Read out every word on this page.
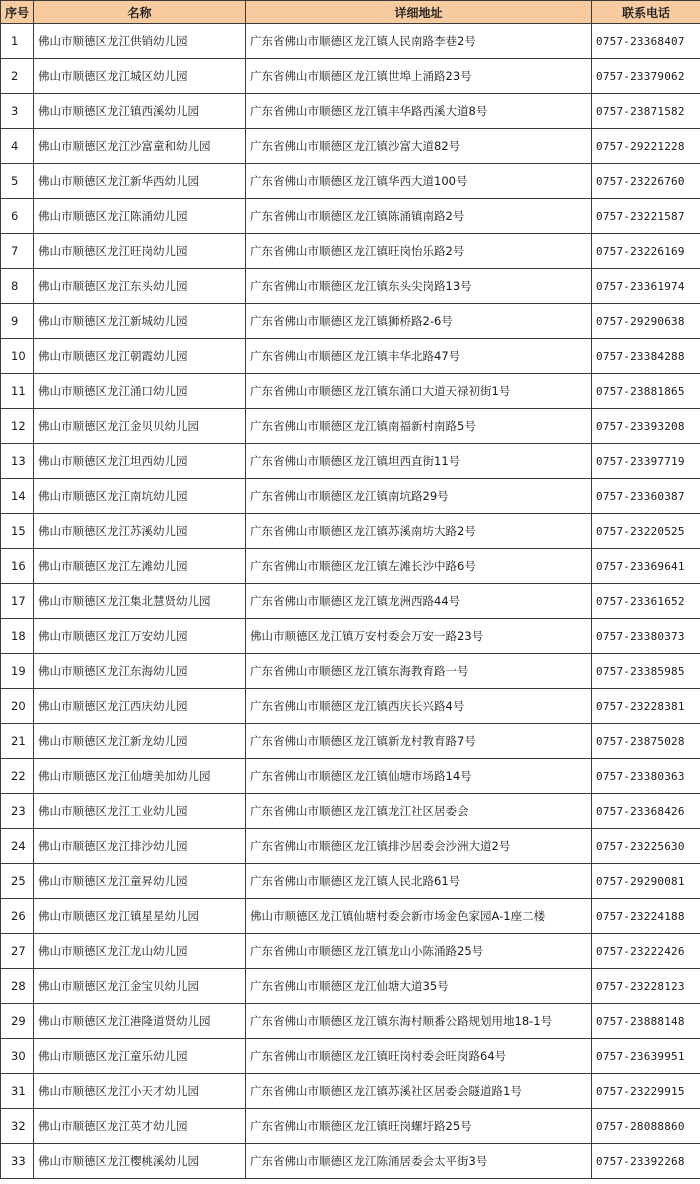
序号	名称	详细地址	联系电话
1	佛山市顺德区龙江供销幼儿园	广东省佛山市顺德区龙江镇人民南路李巷2号	0757-23368407
2	佛山市顺德区龙江城区幼儿园	广东省佛山市顺德区龙江镇世埠上涌路23号	0757-23379062
3	佛山市顺德区龙江镇西溪幼儿园	广东省佛山市顺德区龙江镇丰华路西溪大道8号	0757-23871582
4	佛山市顺德区龙江沙富童和幼儿园	广东省佛山市顺德区龙江镇沙富大道82号	0757-29221228
5	佛山市顺德区龙江新华西幼儿园	广东省佛山市顺德区龙江镇华西大道100号	0757-23226760
6	佛山市顺德区龙江陈涌幼儿园	广东省佛山市顺德区龙江镇陈涌镇南路2号	0757-23221587
7	佛山市顺德区龙江旺岗幼儿园	广东省佛山市顺德区龙江镇旺岗怡乐路2号	0757-23226169
8	佛山市顺德区龙江东头幼儿园	广东省佛山市顺德区龙江镇东头尖岗路13号	0757-23361974
9	佛山市顺德区龙江新城幼儿园	广东省佛山市顺德区龙江镇狮桥路2-6号	0757-29290638
10	佛山市顺德区龙江朝霞幼儿园	广东省佛山市顺德区龙江镇丰华北路47号	0757-23384288
11	佛山市顺德区龙江涌口幼儿园	广东省佛山市顺德区龙江镇东涌口大道天禄初街1号	0757-23881865
12	佛山市顺德区龙江金贝贝幼儿园	广东省佛山市顺德区龙江镇南福新村南路5号	0757-23393208
13	佛山市顺德区龙江坦西幼儿园	广东省佛山市顺德区龙江镇坦西直街11号	0757-23397719
14	佛山市顺德区龙江南坑幼儿园	广东省佛山市顺德区龙江镇南坑路29号	0757-23360387
15	佛山市顺德区龙江苏溪幼儿园	广东省佛山市顺德区龙江镇苏溪南坊大路2号	0757-23220525
16	佛山市顺德区龙江左滩幼儿园	广东省佛山市顺德区龙江镇左滩长沙中路6号	0757-23369641
17	佛山市顺德区龙江集北慧贤幼儿园	广东省佛山市顺德区龙江镇龙洲西路44号	0757-23361652
18	佛山市顺德区龙江万安幼儿园	佛山市顺德区龙江镇万安村委会万安一路23号	0757-23380373
19	佛山市顺德区龙江东海幼儿园	广东省佛山市顺德区龙江镇东海教育路一号	0757-23385985
20	佛山市顺德区龙江西庆幼儿园	广东省佛山市顺德区龙江镇西庆长兴路4号	0757-23228381
21	佛山市顺德区龙江新龙幼儿园	广东省佛山市顺德区龙江镇新龙村教育路7号	0757-23875028
22	佛山市顺德区龙江仙塘美加幼儿园	广东省佛山市顺德区龙江镇仙塘市场路14号	0757-23380363
23	佛山市顺德区龙江工业幼儿园	广东省佛山市顺德区龙江镇龙江社区居委会	0757-23368426
24	佛山市顺德区龙江排沙幼儿园	广东省佛山市顺德区龙江镇排沙居委会沙洲大道2号	0757-23225630
25	佛山市顺德区龙江童昇幼儿园	广东省佛山市顺德区龙江镇人民北路61号	0757-29290081
26	佛山市顺德区龙江镇星星幼儿园	佛山市顺德区龙江镇仙塘村委会新市场金色家园A-1座二楼	0757-23224188
27	佛山市顺德区龙江龙山幼儿园	广东省佛山市顺德区龙江镇龙山小陈涌路25号	0757-23222426
28	佛山市顺德区龙江金宝贝幼儿园	广东省佛山市顺德区龙江仙塘大道35号	0757-23228123
29	佛山市顺德区龙江港隆道贤幼儿园	广东省佛山市顺德区龙江镇东海村顺番公路规划用地18-1号	0757-23888148
30	佛山市顺德区龙江童乐幼儿园	广东省佛山市顺德区龙江镇旺岗村委会旺岗路64号	0757-23639951
31	佛山市顺德区龙江小天才幼儿园	广东省佛山市顺德区龙江镇苏溪社区居委会隧道路1号	0757-23229915
32	佛山市顺德区龙江英才幼儿园	广东省佛山市顺德区龙江镇旺岗螺圩路25号	0757-28088860
33	佛山市顺德区龙江樱桃溪幼儿园	广东省佛山市顺德区龙江陈涌居委会太平街3号	0757-23392268
